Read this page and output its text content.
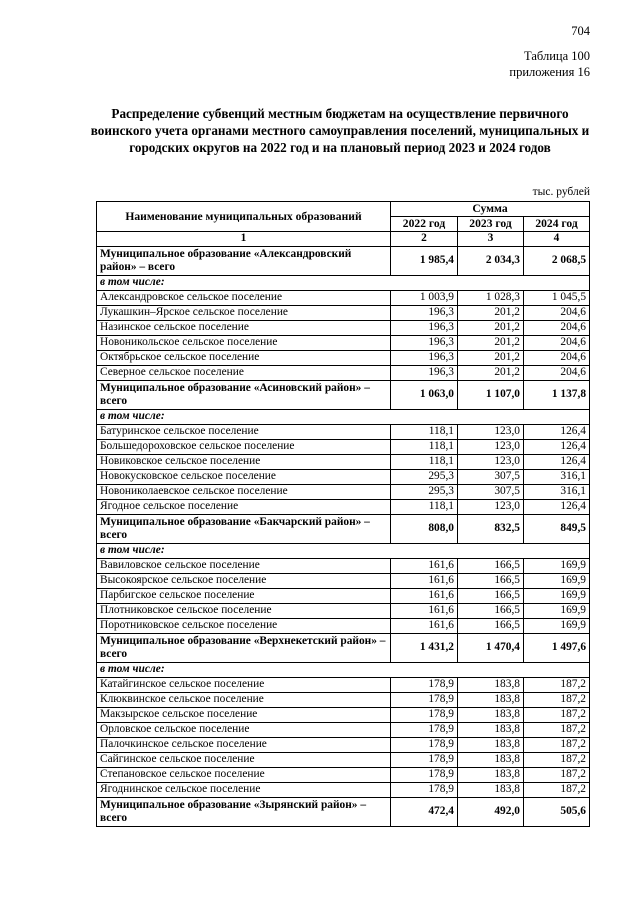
704
Таблица 100
приложения 16
Распределение субвенций местным бюджетам на осуществление первичного воинского учета органами местного самоуправления поселений, муниципальных и городских округов на 2022 год и на плановый период 2023 и 2024 годов
тыс. рублей
Наименование муниципальных образований	Сумма		
	2022 год	2023 год	2024 год
1	2	3	4
Муниципальное образование «Александровский район» – всего	1 985,4	2 034,3	2 068,5
в том числе:			
Александровское сельское поселение	1 003,9	1 028,3	1 045,5
Лукашкин–Ярское сельское поселение	196,3	201,2	204,6
Назинское сельское поселение	196,3	201,2	204,6
Новоникольское сельское поселение	196,3	201,2	204,6
Октябрьское сельское поселение	196,3	201,2	204,6
Северное сельское поселение	196,3	201,2	204,6
Муниципальное образование «Асиновский район» – всего	1 063,0	1 107,0	1 137,8
в том числе:			
Батуринское сельское поселение	118,1	123,0	126,4
Большедороховское сельское поселение	118,1	123,0	126,4
Новиковское сельское поселение	118,1	123,0	126,4
Новокусковское сельское поселение	295,3	307,5	316,1
Новониколаевское сельское поселение	295,3	307,5	316,1
Ягодное сельское поселение	118,1	123,0	126,4
Муниципальное образование «Бакчарский район» – всего	808,0	832,5	849,5
в том числе:			
Вавиловское сельское поселение	161,6	166,5	169,9
Высокоярское сельское поселение	161,6	166,5	169,9
Парбигское сельское поселение	161,6	166,5	169,9
Плотниковское сельское поселение	161,6	166,5	169,9
Поротниковское сельское поселение	161,6	166,5	169,9
Муниципальное образование «Верхнекетский район» – всего	1 431,2	1 470,4	1 497,6
в том числе:			
Катайгинское сельское поселение	178,9	183,8	187,2
Клюквинское сельское поселение	178,9	183,8	187,2
Макзырское сельское поселение	178,9	183,8	187,2
Орловское сельское поселение	178,9	183,8	187,2
Палочкинское сельское поселение	178,9	183,8	187,2
Сайгинское сельское поселение	178,9	183,8	187,2
Степановское сельское поселение	178,9	183,8	187,2
Ягоднинское сельское поселение	178,9	183,8	187,2
Муниципальное образование «Зырянский район» – всего	472,4	492,0	505,6
